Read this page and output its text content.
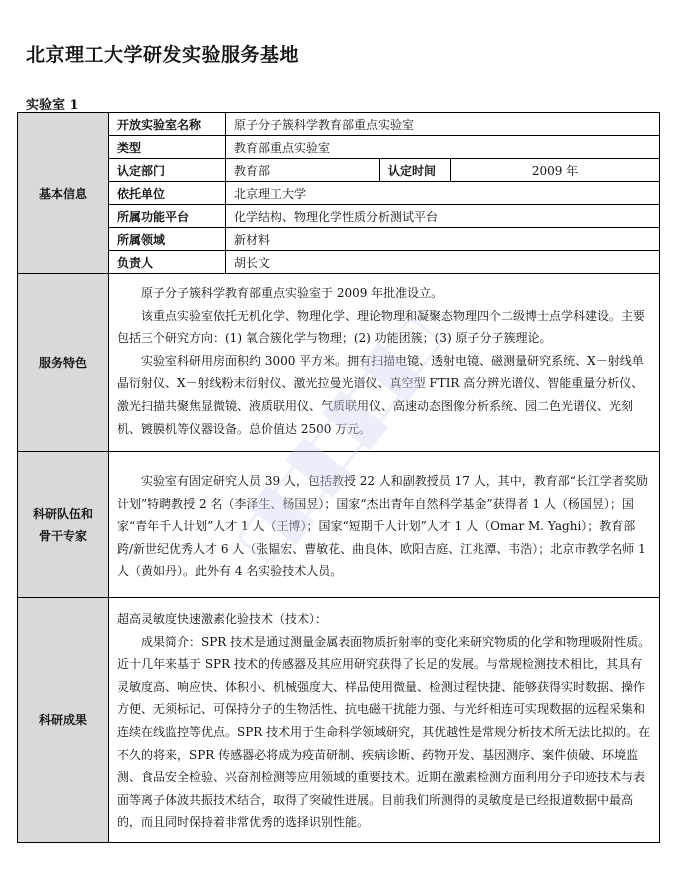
北京理工大学研发实验服务基地
实验室 1
基本信息	开放实验室名称	原子分子簇科学教育部重点实验室		
	类型	教育部重点实验室		
	认定部门	教育部	认定时间	2009 年
	依托单位	北京理工大学		
	所属功能平台	化学结构、物理化学性质分析测试平台		
	所属领域	新材料		
	负责人	胡长文		
服务特色	原子分子簇科学教育部重点实验室于 2009 年批准设立。

该重点实验室依托无机化学、物理化学、理论物理和凝聚态物理四个二级博士点学科建设。主要包括三个研究方向：(1) 氧合簇化学与物理；(2) 功能团簇；(3) 原子分子簇理论。

实验室科研用房面积约 3000 平方米。拥有扫描电镜、透射电镜、磁测量研究系统、X－射线单晶衍射仪、X－射线粉末衍射仪、激光拉曼光谱仪、真空型 FTIR 高分辨光谱仪、智能重量分析仪、激光扫描共聚焦显微镜、液质联用仪、气质联用仪、高速动态图像分析系统、园二色光谱仪、光刻机、镀膜机等仪器设备。总价值达 2500 万元。			

科研队伍和
骨干专家	实验室有固定研究人员 39 人，包括教授 22 人和副教授员 17 人，其中，教育部“长江学者奖励计划”特聘教授 2 名（李泽生、杨国昱）；国家“杰出青年自然科学基金”获得者 1 人（杨国昱）；国家“青年千人计划”人才 1 人（王博）；国家“短期千人计划”人才 1 人（Omar M. Yaghi）；教育部跨/新世纪优秀人才 6 人（张韫宏、曹敏花、曲良体、欧阳吉庭、江兆潭、韦浩）；北京市教学名师 1 人（黄如丹）。此外有 4 名实验技术人员。			

科研成果	超高灵敏度快速激素化验技术（技术）：

成果简介：SPR 技术是通过测量金属表面物质折射率的变化来研究物质的化学和物理吸附性质。近十几年来基于 SPR 技术的传感器及其应用研究获得了长足的发展。与常规检测技术相比，其具有灵敏度高、响应快、体积小、机械强度大、样品使用微量、检测过程快捷、能够获得实时数据、操作方便、无须标记、可保持分子的生物活性、抗电磁干扰能力强、与光纤相连可实现数据的远程采集和连续在线监控等优点。SPR 技术用于生命科学领域研究，其优越性是常规分析技术所无法比拟的。在不久的将来，SPR 传感器必将成为疫苗研制、疾病诊断、药物开发、基因测序、案件侦破、环境监测、食品安全检验、兴奋剂检测等应用领域的重要技术。近期在激素检测方面利用分子印迹技术与表面等离子体波共振技术结合，取得了突破性进展。目前我们所测得的灵敏度是已经报道数据中最高的，而且同时保持着非常优秀的选择识别性能。			
